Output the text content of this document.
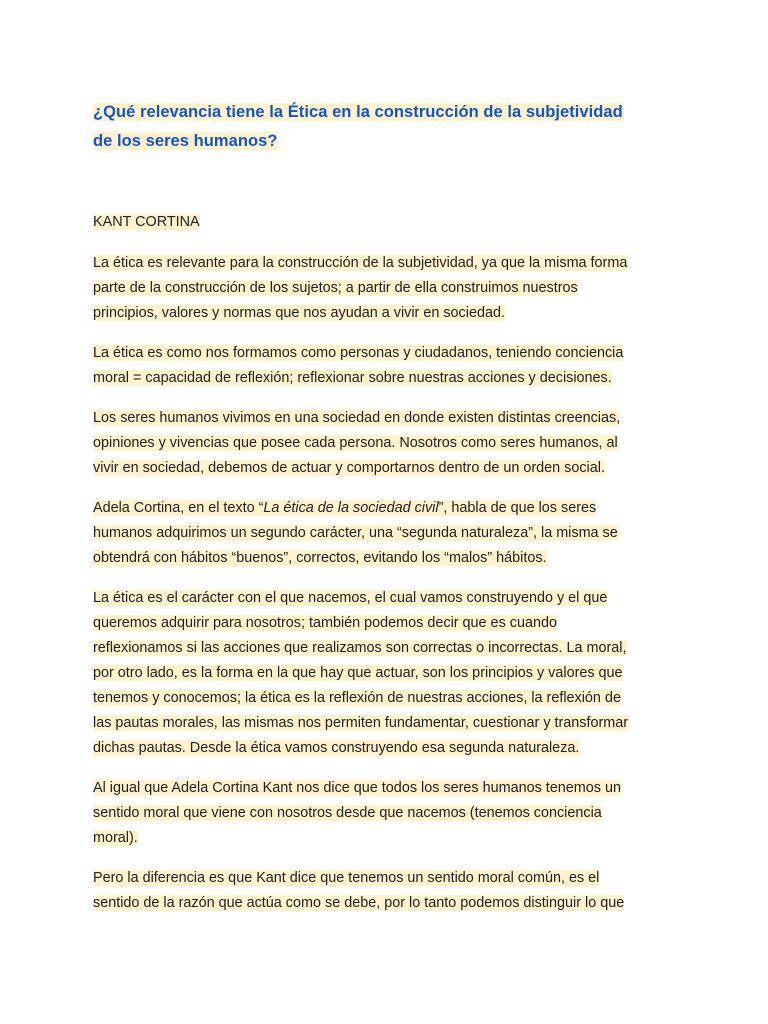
¿Qué relevancia tiene la Ética en la construcción de la subjetividad
de los seres humanos?

KANT CORTINA

La ética es relevante para la construcción de la subjetividad, ya que la misma forma
parte de la construcción de los sujetos; a partir de ella construimos nuestros
principios, valores y normas que nos ayudan a vivir en sociedad.

La ética es como nos formamos como personas y ciudadanos, teniendo conciencia
moral = capacidad de reflexión; reflexionar sobre nuestras acciones y decisiones.

Los seres humanos vivimos en una sociedad en donde existen distintas creencias,
opiniones y vivencias que posee cada persona. Nosotros como seres humanos, al
vivir en sociedad, debemos de actuar y comportarnos dentro de un orden social.

Adela Cortina, en el texto “La ética de la sociedad civil”, habla de que los seres
humanos adquirimos un segundo carácter, una “segunda naturaleza”, la misma se
obtendrá con hábitos “buenos”, correctos, evitando los “malos” hábitos.

La ética es el carácter con el que nacemos, el cual vamos construyendo y el que
queremos adquirir para nosotros; también podemos decir que es cuando
reflexionamos si las acciones que realizamos son correctas o incorrectas. La moral,
por otro lado, es la forma en la que hay que actuar, son los principios y valores que
tenemos y conocemos; la ética es la reflexión de nuestras acciones, la reflexión de
las pautas morales, las mismas nos permiten fundamentar, cuestionar y transformar
dichas pautas. Desde la ética vamos construyendo esa segunda naturaleza.

Al igual que Adela Cortina Kant nos dice que todos los seres humanos tenemos un
sentido moral que viene con nosotros desde que nacemos (tenemos conciencia
moral).

Pero la diferencia es que Kant dice que tenemos un sentido moral común, es el
sentido de la razón que actúa como se debe, por lo tanto podemos distinguir lo que
